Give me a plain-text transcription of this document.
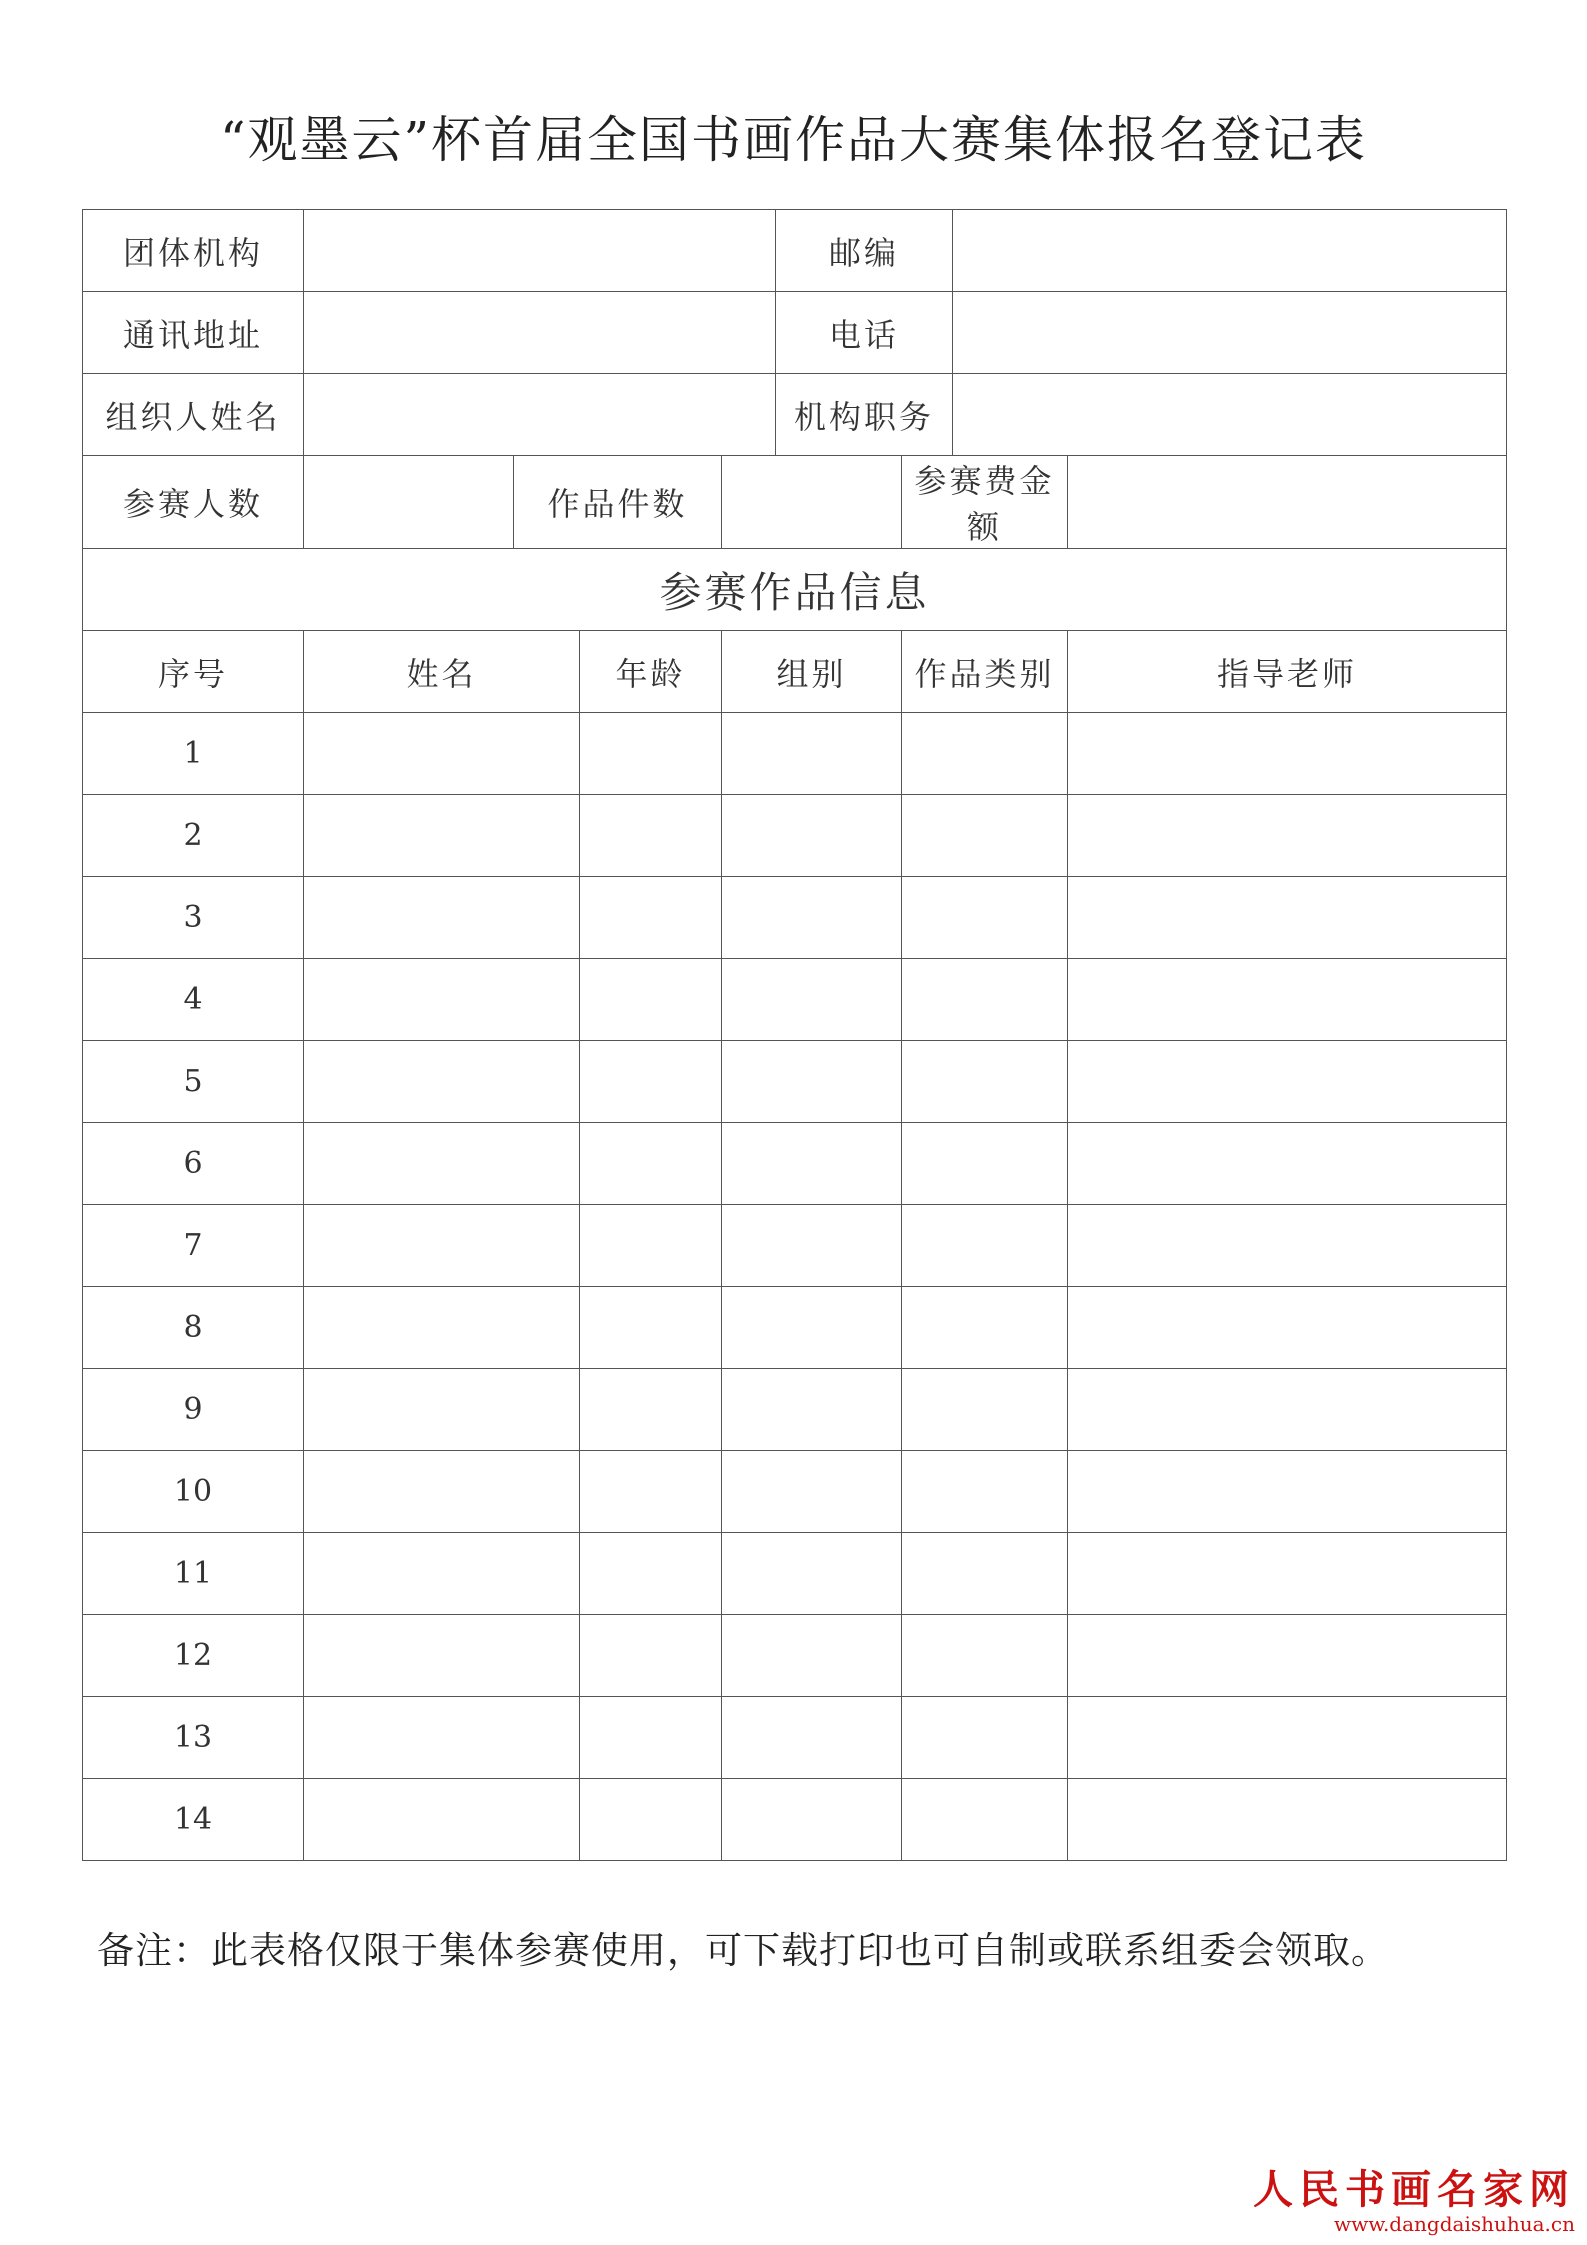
“观墨云”杯首届全国书画作品大赛集体报名登记表
团体机构					邮编			
通讯地址					电话			
组织人姓名					机构职务			
参赛人数		作品件数				参赛费金额		
参赛作品信息								
序号	姓名		年龄	组别		作品类别		指导老师
1								
2								
3								
4								
5								
6								
7								
8								
9								
10								
11								
12								
13								
14								
备注：此表格仅限于集体参赛使用，可下载打印也可自制或联系组委会领取。
人民书画名家网
www.dangdaishuhua.cn
